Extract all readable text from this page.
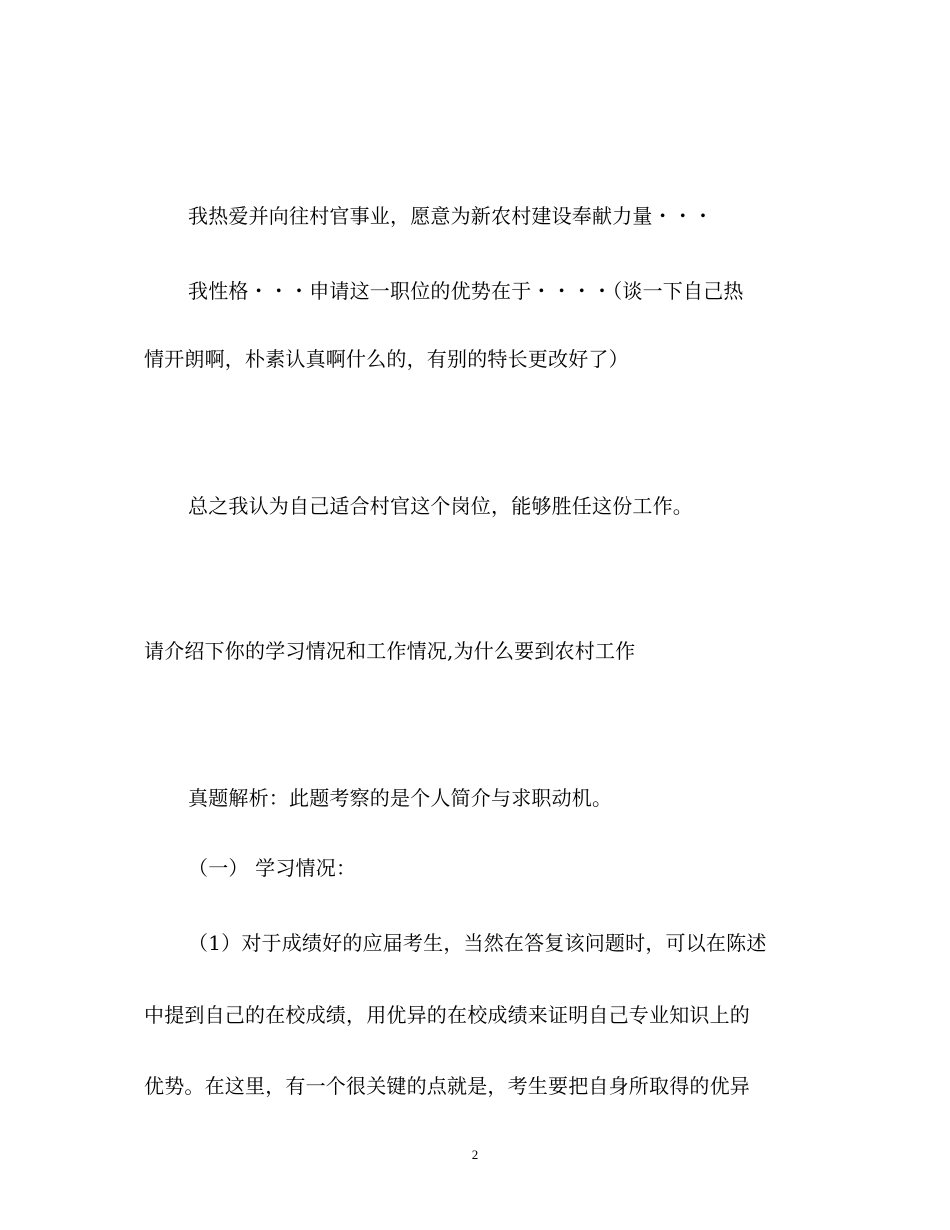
我热爱并向往村官事业，愿意为新农村建设奉献力量・・・
我性格・・・申请这一职位的优势在于・・・・（谈一下自己热
情开朗啊，朴素认真啊什么的，有别的特长更改好了）
总之我认为自己适合村官这个岗位，能够胜任这份工作。
请介绍下你的学习情况和工作情况,为什么要到农村工作
真题解析：此题考察的是个人简介与求职动机。
（一） 学习情况：
（1）对于成绩好的应届考生，当然在答复该问题时，可以在陈述
中提到自己的在校成绩，用优异的在校成绩来证明自己专业知识上的
优势。在这里，有一个很关键的点就是，考生要把自身所取得的优异
2
